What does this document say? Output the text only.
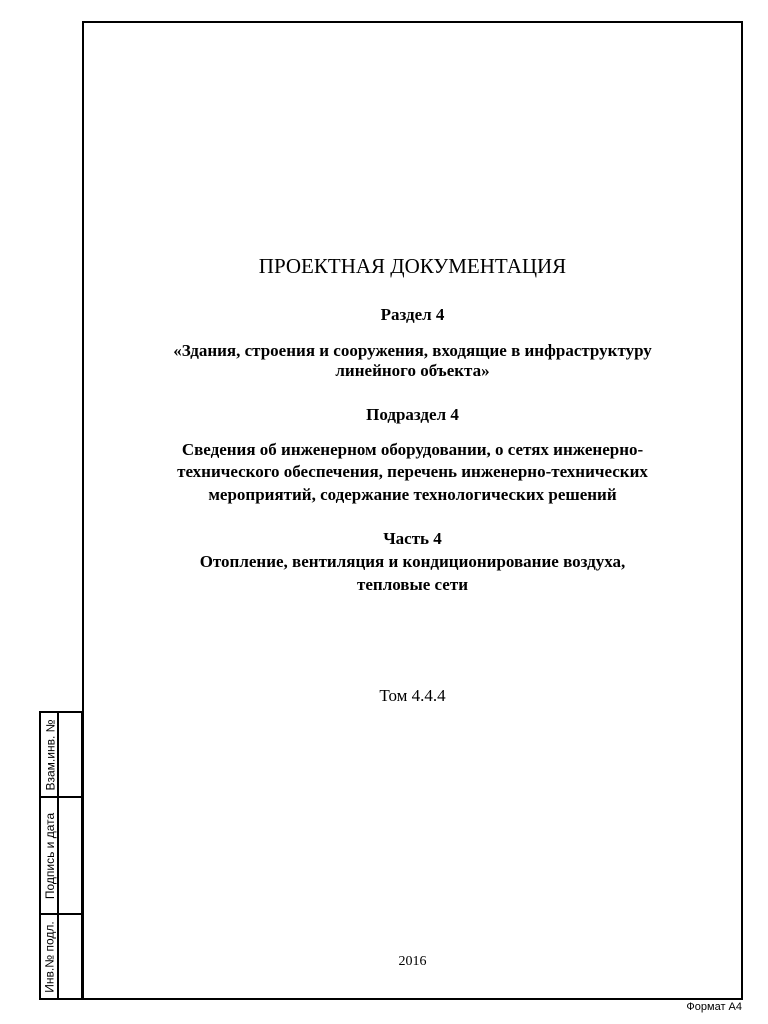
ПРОЕКТНАЯ ДОКУМЕНТАЦИЯ
Раздел 4
«Здания, строения и сооружения, входящие в инфраструктуру
линейного объекта»
Подраздел 4
Сведения об инженерном оборудовании, о сетях инженерно-
технического обеспечения, перечень инженерно-технических
мероприятий, содержание технологических решений
Часть 4
Отопление, вентиляция и кондиционирование воздуха,
тепловые сети
Том 4.4.4
2016
Взам.инв. №
Подпись и дата
Инв.№ подл.
Формат А4
